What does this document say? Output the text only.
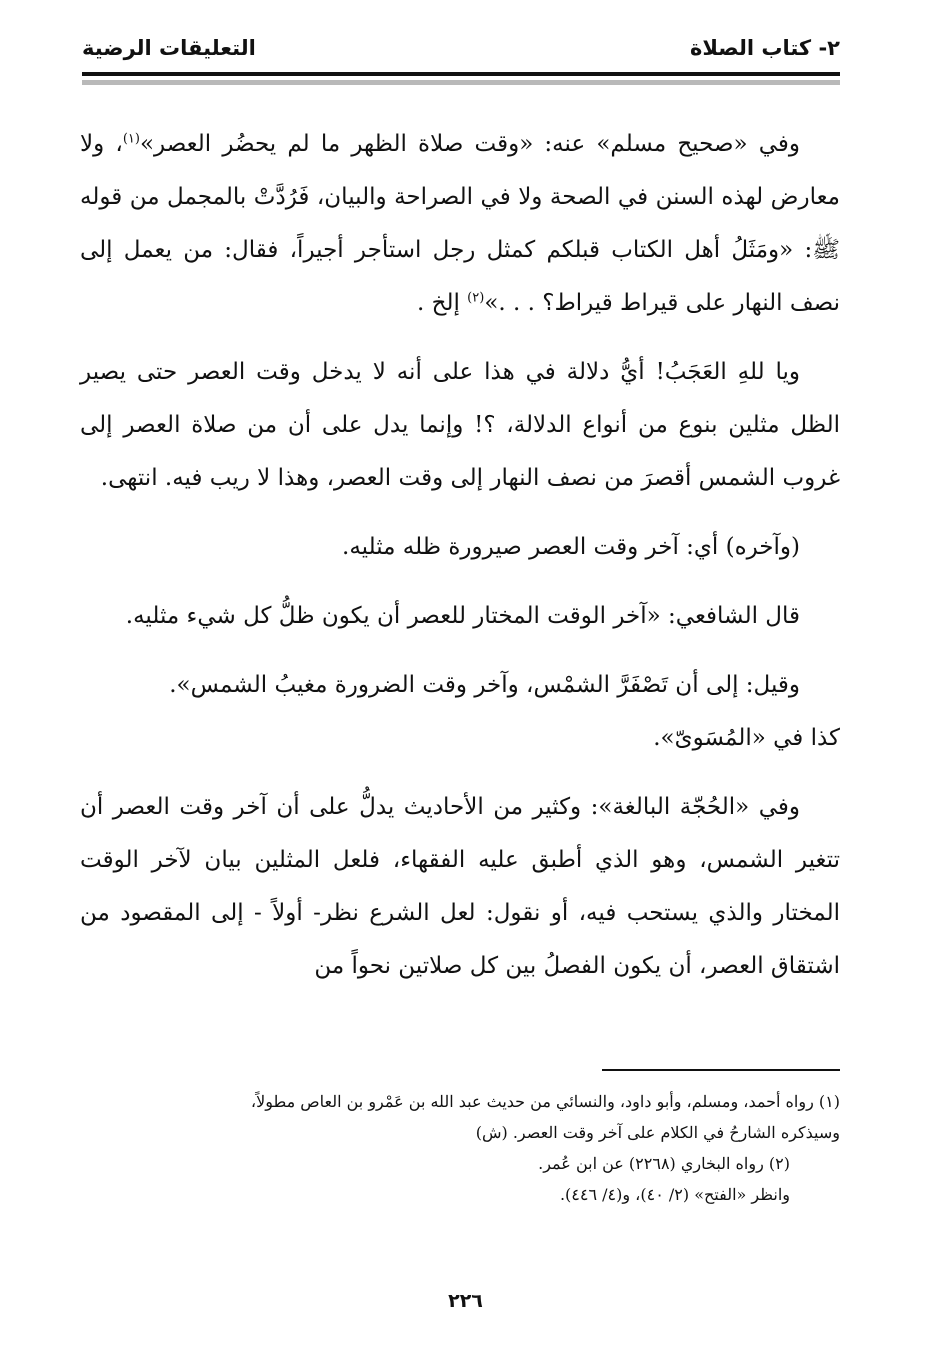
٢- كتاب الصلاة
التعليقات الرضية

وفي «صحيح مسلم» عنه: «وقت صلاة الظهر ما لم يحضُر العصر»$^{(١)}$، ولا معارض لهذه السنن في الصحة ولا في الصراحة والبيان، فَرُدَّتْ بالمجمل من قوله ﷺ: «ومَثَلُ أهل الكتاب قبلكم كمثل رجل استأجر أجيراً، فقال: من يعمل إلى نصف النهار على قيراط قيراط؟ . . .»$^{(٢)}$ إلخ .

ويا للهِ العَجَبُ! أيُّ دلالة في هذا على أنه لا يدخل وقت العصر حتى يصير الظل مثلين بنوع من أنواع الدلالة، ؟! وإنما يدل على أن من صلاة العصر إلى غروب الشمس أقصرَ من نصف النهار إلى وقت العصر، وهذا لا ريب فيه. انتهى.

(وآخره) أي: آخر وقت العصر صيرورة ظله مثليه.

قال الشافعي: «آخر الوقت المختار للعصر أن يكون ظلُّ كل شيء مثليه.

وقيل: إلى أن تَصْفَرَّ الشمْس، وآخر وقت الضرورة مغيبُ الشمس».

كذا في «المُسَوىّ».

وفي «الحُجّة البالغة»: وكثير من الأحاديث يدلُّ على أن آخر وقت العصر أن تتغير الشمس، وهو الذي أطبق عليه الفقهاء، فلعل المثلين بيان لآخر الوقت المختار والذي يستحب فيه، أو نقول: لعل الشرع نظر- أولاً - إلى المقصود من اشتقاق العصر، أن يكون الفصلُ بين كل صلاتين نحواً من

(١) رواه أحمد، ومسلم، وأبو داود، والنسائي من حديث عبد الله بن عَمْرو بن العاص مطولاً،

وسيذكره الشارحُ في الكلام على آخر وقت العصر. (ش)

(٢) رواه البخاري (٢٢٦٨) عن ابن عُمر.

وانظر «الفتح» (٢/ ٤٠)، و(٤/ ٤٤٦).

٢٢٦
